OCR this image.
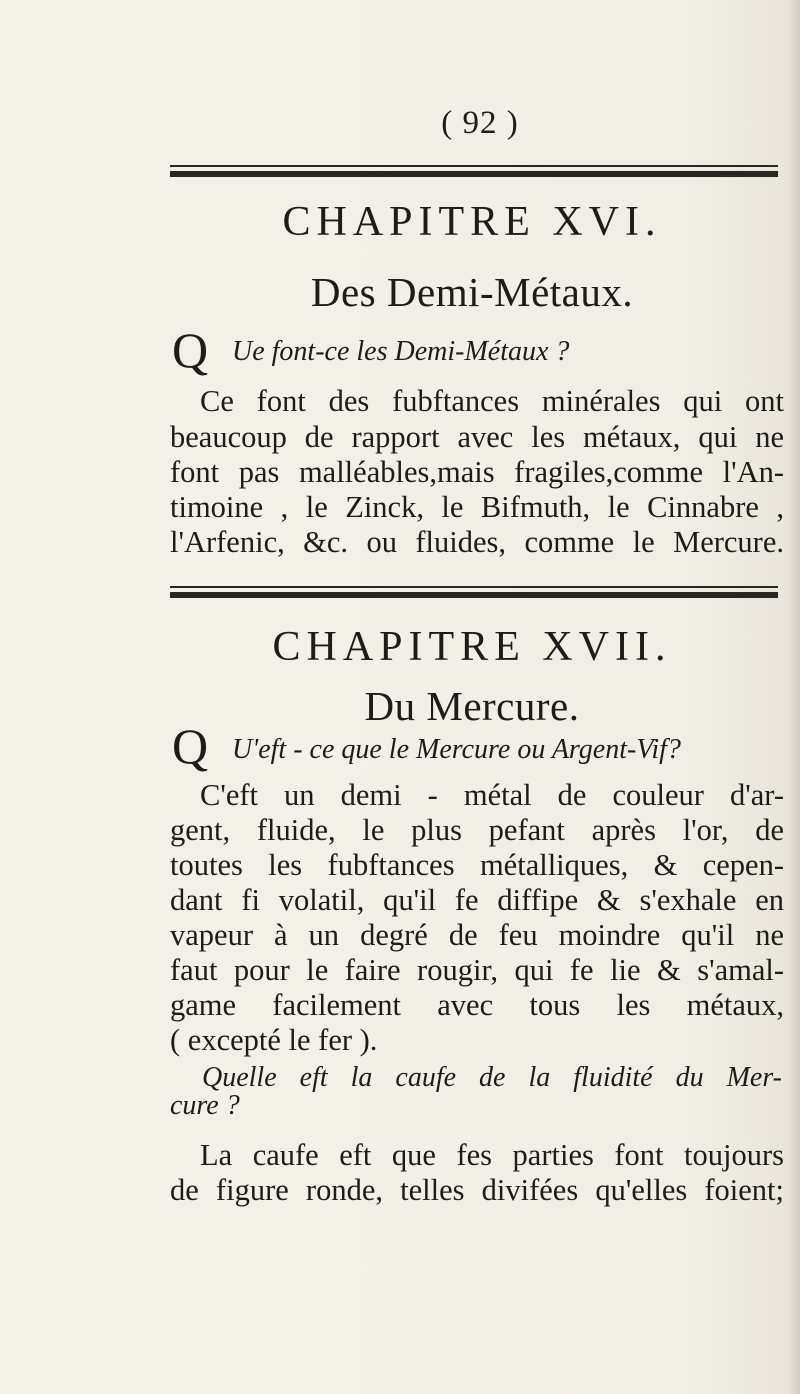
( 92 )
CHAPITRE XVI.
Des Demi-Métaux.
Q Ue font-ce les Demi-Métaux ?
Ce font des fubftances minérales qui ont
beaucoup de rapport avec les métaux, qui ne
font pas malléables,mais fragiles,comme l'An-
timoine , le Zinck, le Bifmuth, le Cinnabre ,
l'Arfenic, &c. ou fluides, comme le Mercure.
CHAPITRE XVII.
Du Mercure.
Q U'eft - ce que le Mercure ou Argent-Vif?
C'eft un demi - métal de couleur d'ar-
gent, fluide, le plus pefant après l'or, de
toutes les fubftances métalliques, & cepen-
dant fi volatil, qu'il fe diffipe & s'exhale en
vapeur à un degré de feu moindre qu'il ne
faut pour le faire rougir, qui fe lie & s'amal-
game facilement avec tous les métaux,
( excepté le fer ).
Quelle eft la caufe de la fluidité du Mer-
cure ?
La caufe eft que fes parties font toujours
de figure ronde, telles divifées qu'elles foient;
